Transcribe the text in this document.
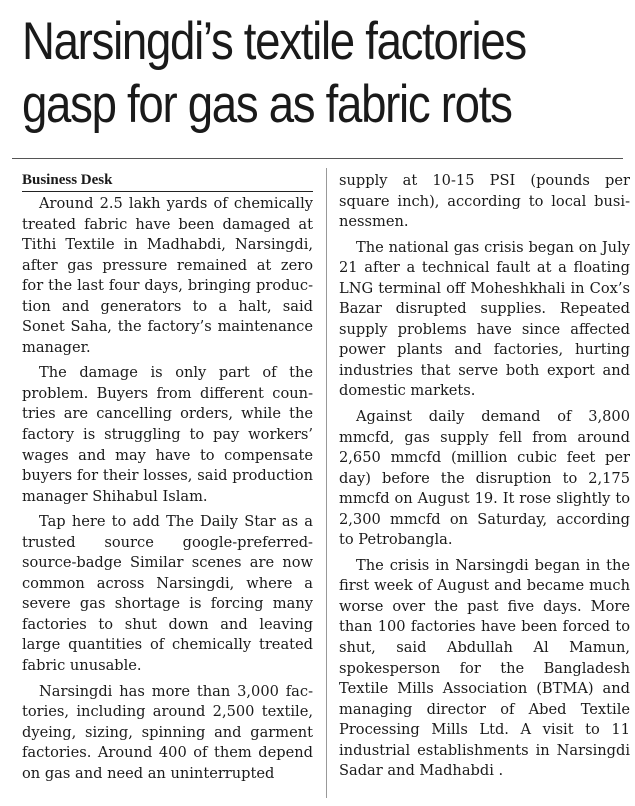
Narsingdi’s textile factories
gasp for gas as fabric rots
Business Desk

Around 2.5 lakh yards of chemically treated fabric have been damaged at Tithi Textile in Madhabdi, Narsingdi, after gas pressure remained at zero for the last four days, bringing production and generators to a halt, said Sonet Saha, the factory’s maintenance manager.

The damage is only part of the problem. Buyers from different countries are cancelling orders, while the factory is struggling to pay workers’ wages and may have to compensate buyers for their losses, said production manager Shihabul Islam.

Tap here to add The Daily Star as a trusted source google-preferred-source-badge Similar scenes are now common across Narsingdi, where a severe gas shortage is forcing many factories to shut down and leaving large quantities of chemically treated fabric unusable.

Narsingdi has more than 3,000 factories, including around 2,500 textile, dyeing, sizing, spinning and garment factories. Around 400 of them depend on gas and need an uninterrupted

supply at 10-15 PSI (pounds per square inch), according to local businessmen.

The national gas crisis began on July 21 after a technical fault at a floating LNG terminal off Moheshkhali in Cox’s Bazar disrupted supplies. Repeated supply problems have since affected power plants and factories, hurting industries that serve both export and domestic markets.

Against daily demand of 3,800 mmcfd, gas supply fell from around 2,650 mmcfd (million cubic feet per day) before the disruption to 2,175 mmcfd on August 19. It rose slightly to 2,300 mmcfd on Saturday, according to Petrobangla.

The crisis in Narsingdi began in the first week of August and became much worse over the past five days. More than 100 factories have been forced to shut, said Abdullah Al Mamun, spokesperson for the Bangladesh Textile Mills Association (BTMA) and managing director of Abed Textile Processing Mills Ltd. A visit to 11 industrial establishments in Narsingdi Sadar and Madhabdi .
